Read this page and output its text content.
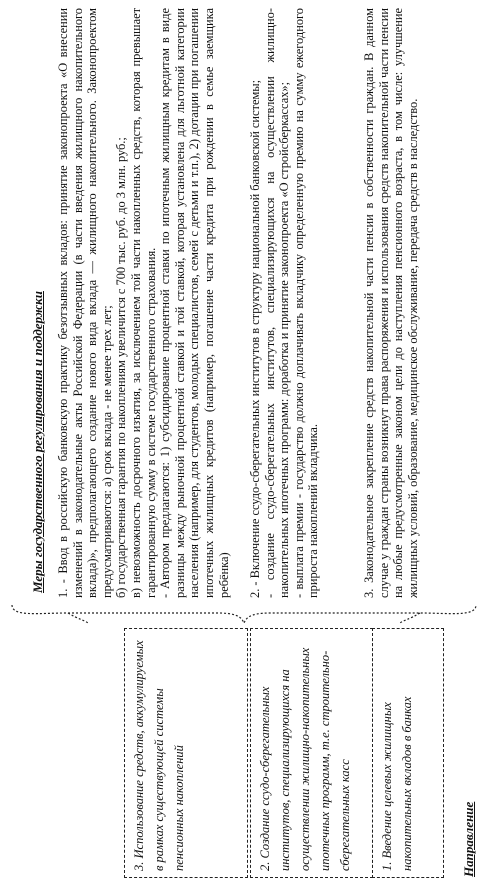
Направление
1. Введение целевых жилищных накопительных вкладов в банках
2. Создание ссудо-сберегательных институтов, специализирующихся на осуществлении жилищно-накопительных ипотечных программ, т.е. строительно-сберегательных касс
3. Использование средств, аккумулируемых в рамках существующей системы пенсионных накоплений
Меры государственного регулирования и поддержки 1. - Ввод в российскую банковскую практику безотзывных вкладов: принятие законопроекта «О внесении изменений в законодательные акты Российской Федерации (в части введения жилищного накопительного вклада)», предполагающего создание нового вида вклада — жилищного накопительного. Законопроектом предусматриваются: а) срок вклада - не менее трех лет; б) государственная гарантия по накоплениям увеличится с 700 тыс. руб. до 3 млн. руб.; в) невозможность досрочного изъятия, за исключением той части накопленных средств, которая превышает гарантированную сумму в системе государственного страхования. - Автором предлагаются: 1) субсидирование процентной ставки по ипотечным жилищным кредитам в виде разницы между рыночной процентной ставкой и той ставкой, которая установлена для льготной категории населения (например, для студентов, молодых специалистов, семей с детьми и т.п.), 2) дотации при погашении ипотечных жилищных кредитов (например, погашение части кредита при рождении в семье заемщика ребёнка) 2. - Включение ссудо-сберегательных институтов в структуру национальной банковской системы; - создание ссудо-сберегательных институтов, специализирующихся на осуществлении жилищно-накопительных ипотечных программ: доработка и принятие законопроекта «О стройсберкассах»; - выплата премии - государство должно доплачивать вкладчику определенную премию на сумму ежегодного прироста накоплений вкладчика.	3. Законодательное закрепление средств накопительной части пенсии в собственности граждан. В данном случае у граждан страны возникнут права распоряжения и использования средств накопительной части пенсии на любые предусмотренные законом цели до наступления пенсионного возраста, в том числе: улучшение жилищных условий, образование, медицинское обслуживание, передача средств в наследство.
